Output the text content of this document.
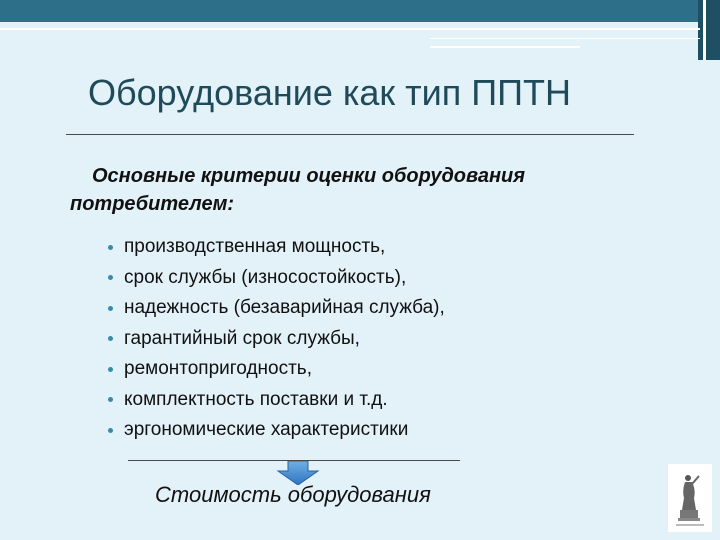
Оборудование как тип ППТН
Основные критерии оценки оборудования
потребителем:
производственная мощность,
срок службы (износостойкость),
надежность (безаварийная служба),
гарантийный срок службы,
ремонтопригодность,
комплектность поставки и т.д.
эргономические характеристики
Стоимость оборудования
